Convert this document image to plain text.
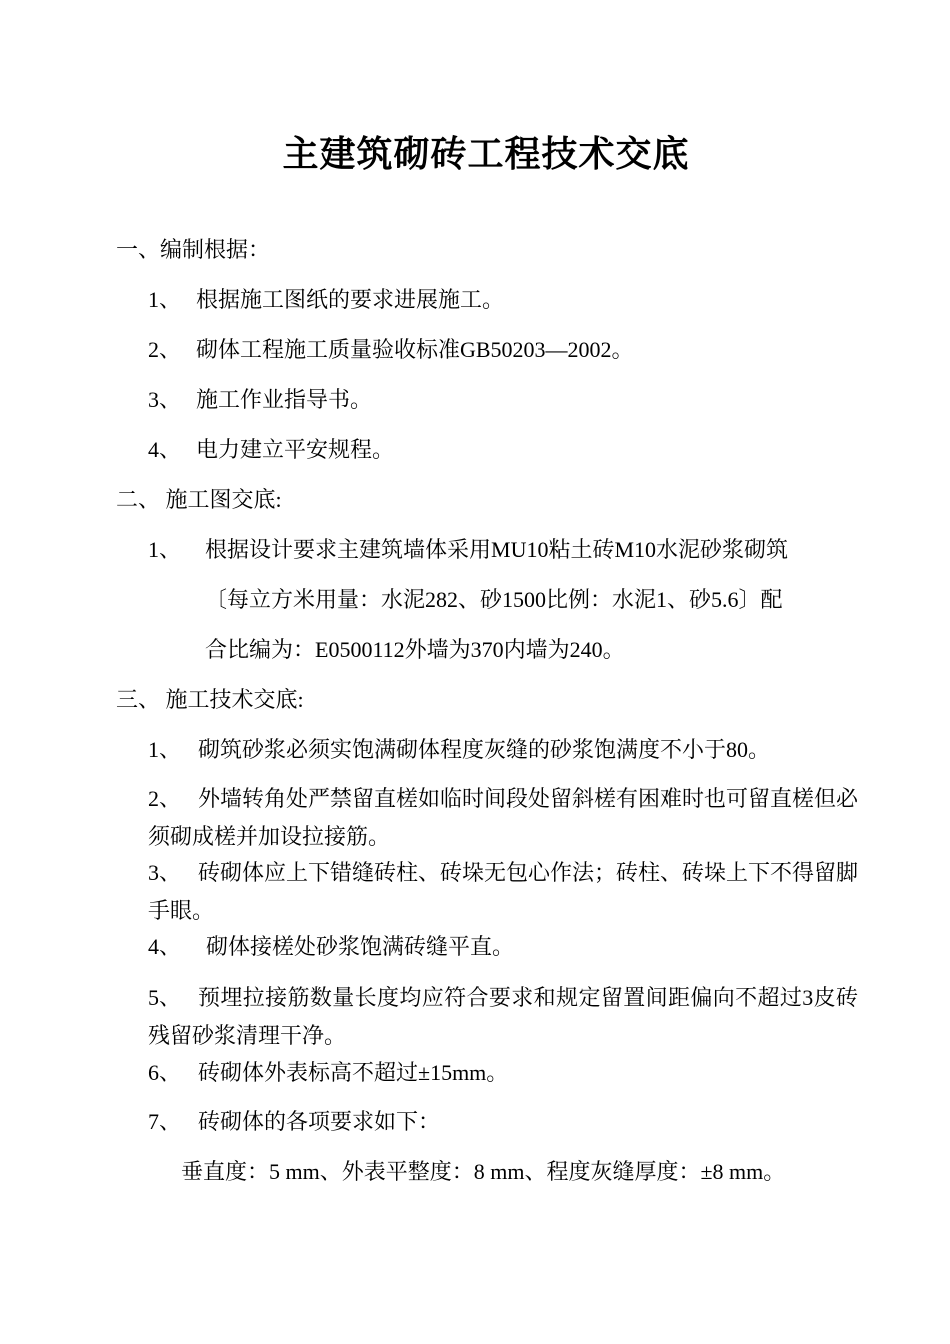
主建筑砌砖工程技术交底
一、编制根据：
1、 根据施工图纸的要求进展施工。
2、 砌体工程施工质量验收标准GB50203—2002。
3、 施工作业指导书。
4、 电力建立平安规程。
二、 施工图交底:
1、 根据设计要求主建筑墙体采用MU10粘土砖M10水泥砂浆砌筑
〔每立方米用量：水泥282、砂1500比例：水泥1、砂5.6〕配
合比编为：E0500112外墙为370内墙为240。
三、 施工技术交底:
1、 砌筑砂浆必须实饱满砌体程度灰缝的砂浆饱满度不小于80。
2、 外墙转角处严禁留直槎如临时间段处留斜槎有困难时也可留直槎但必须砌成槎并加设拉接筋。
3、 砖砌体应上下错缝砖柱、砖垛无包心作法；砖柱、砖垛上下不得留脚手眼。
4、 砌体接槎处砂浆饱满砖缝平直。
5、 预埋拉接筋数量长度均应符合要求和规定留置间距偏向不超过3皮砖残留砂浆清理干净。
6、 砖砌体外表标高不超过±15mm。
7、 砖砌体的各项要求如下：
垂直度：5 mm、外表平整度：8 mm、程度灰缝厚度：±8 mm。
